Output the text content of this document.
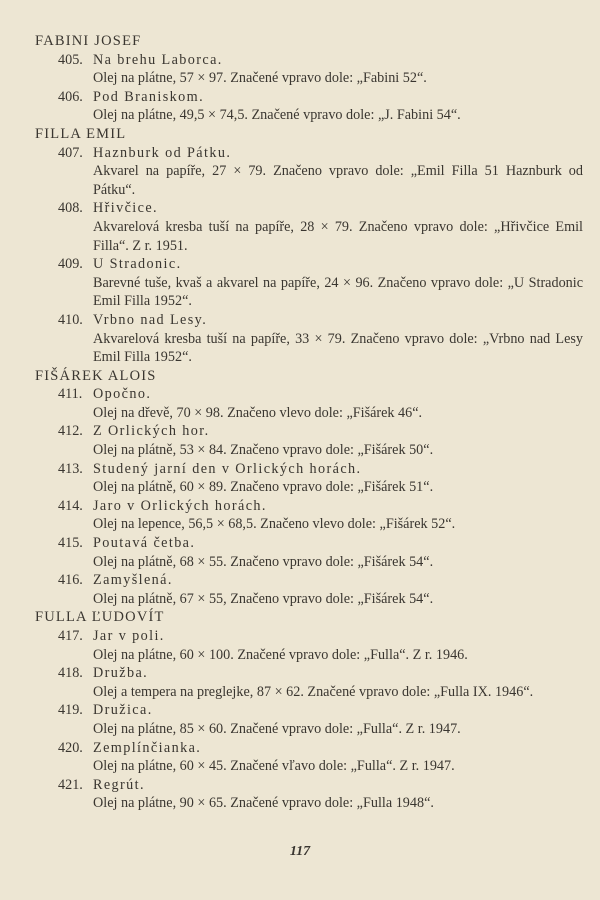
FABINI JOSEF

405. Na brehu Laborca.
Olej na plátne, 57 × 97. Značené vpravo dole: „Fabini 52“.
406. Pod Braniskom.
Olej na plátne, 49,5 × 74,5. Značené vpravo dole: „J. Fabini 54“.

FILLA EMIL

407. Haznburk od Pátku.
Akvarel na papíře, 27 × 79. Značeno vpravo dole: „Emil Filla 51 Haznburk od Pátku“.
408. Hřivčice.
Akvarelová kresba tuší na papíře, 28 × 79. Značeno vpravo dole: „Hřivčice Emil Filla“. Z r. 1951.
409. U Stradonic.
Barevné tuše, kvaš a akvarel na papíře, 24 × 96. Značeno vpravo dole: „U Stradonic Emil Filla 1952“.
410. Vrbno nad Lesy.
Akvarelová kresba tuší na papíře, 33 × 79. Značeno vpravo dole: „Vrbno nad Lesy Emil Filla 1952“.

FIŠÁREK ALOIS

411. Opočno.
Olej na dřevě, 70 × 98. Značeno vlevo dole: „Fišárek 46“.
412. Z Orlických hor.
Olej na plátně, 53 × 84. Značeno vpravo dole: „Fišárek 50“.
413. Studený jarní den v Orlických horách.
Olej na plátně, 60 × 89. Značeno vpravo dole: „Fišárek 51“.
414. Jaro v Orlických horách.
Olej na lepence, 56,5 × 68,5. Značeno vlevo dole: „Fišárek 52“.
415. Poutavá četba.
Olej na plátně, 68 × 55. Značeno vpravo dole: „Fišárek 54“.
416. Zamyšlená.
Olej na plátně, 67 × 55, Značeno vpravo dole: „Fišárek 54“.

FULLA ĽUDOVÍT

417. Jar v poli.
Olej na plátne, 60 × 100. Značené vpravo dole: „Fulla“. Z r. 1946.
418. Družba.
Olej a tempera na preglejke, 87 × 62. Značené vpravo dole: „Fulla IX. 1946“.
419. Družica.
Olej na plátne, 85 × 60. Značené vpravo dole: „Fulla“. Z r. 1947.
420. Zemplínčianka.
Olej na plátne, 60 × 45. Značené vľavo dole: „Fulla“. Z r. 1947.
421. Regrút.
Olej na plátne, 90 × 65. Značené vpravo dole: „Fulla 1948“.
117
